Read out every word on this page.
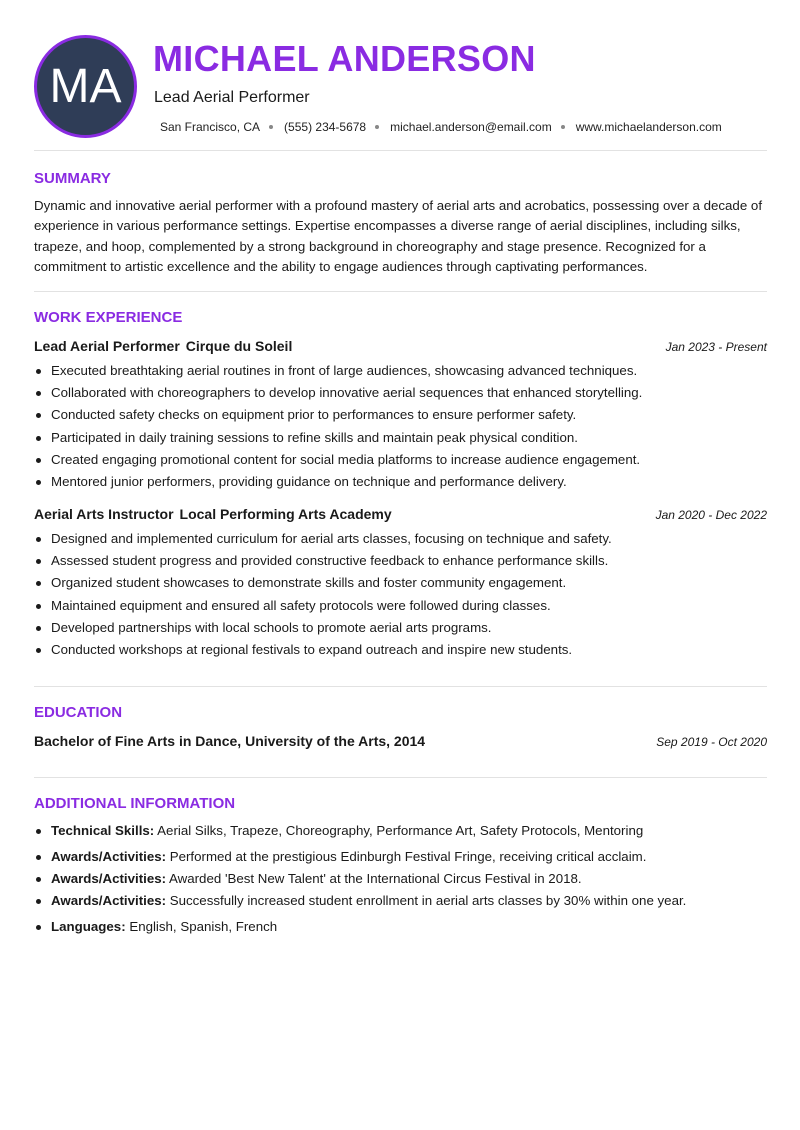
MA
MICHAEL ANDERSON
Lead Aerial Performer
San Francisco, CA (555) 234-5678 michael.anderson@email.com www.michaelanderson.com
SUMMARY

Dynamic and innovative aerial performer with a profound mastery of aerial arts and acrobatics, possessing over a decade of experience in various performance settings. Expertise encompasses a diverse range of aerial disciplines, including silks, trapeze, and hoop, complemented by a strong background in choreography and stage presence. Recognized for a commitment to artistic excellence and the ability to engage audiences through captivating performances.

WORK EXPERIENCE
Lead Aerial Performer Cirque du Soleil	Jan 2023 - Present
Executed breathtaking aerial routines in front of large audiences, showcasing advanced techniques.
Collaborated with choreographers to develop innovative aerial sequences that enhanced storytelling.
Conducted safety checks on equipment prior to performances to ensure performer safety.
Participated in daily training sessions to refine skills and maintain peak physical condition.
Created engaging promotional content for social media platforms to increase audience engagement.
Mentored junior performers, providing guidance on technique and performance delivery.
Aerial Arts Instructor Local Performing Arts Academy	Jan 2020 - Dec 2022
Designed and implemented curriculum for aerial arts classes, focusing on technique and safety.
Assessed student progress and provided constructive feedback to enhance performance skills.
Organized student showcases to demonstrate skills and foster community engagement.
Maintained equipment and ensured all safety protocols were followed during classes.
Developed partnerships with local schools to promote aerial arts programs.
Conducted workshops at regional festivals to expand outreach and inspire new students.
EDUCATION
Bachelor of Fine Arts in Dance, University of the Arts, 2014	Sep 2019 - Oct 2020
ADDITIONAL INFORMATION
Technical Skills: Aerial Silks, Trapeze, Choreography, Performance Art, Safety Protocols, Mentoring
Awards/Activities: Performed at the prestigious Edinburgh Festival Fringe, receiving critical acclaim.
Awards/Activities: Awarded 'Best New Talent' at the International Circus Festival in 2018.
Awards/Activities: Successfully increased student enrollment in aerial arts classes by 30% within one year.
Languages: English, Spanish, French
